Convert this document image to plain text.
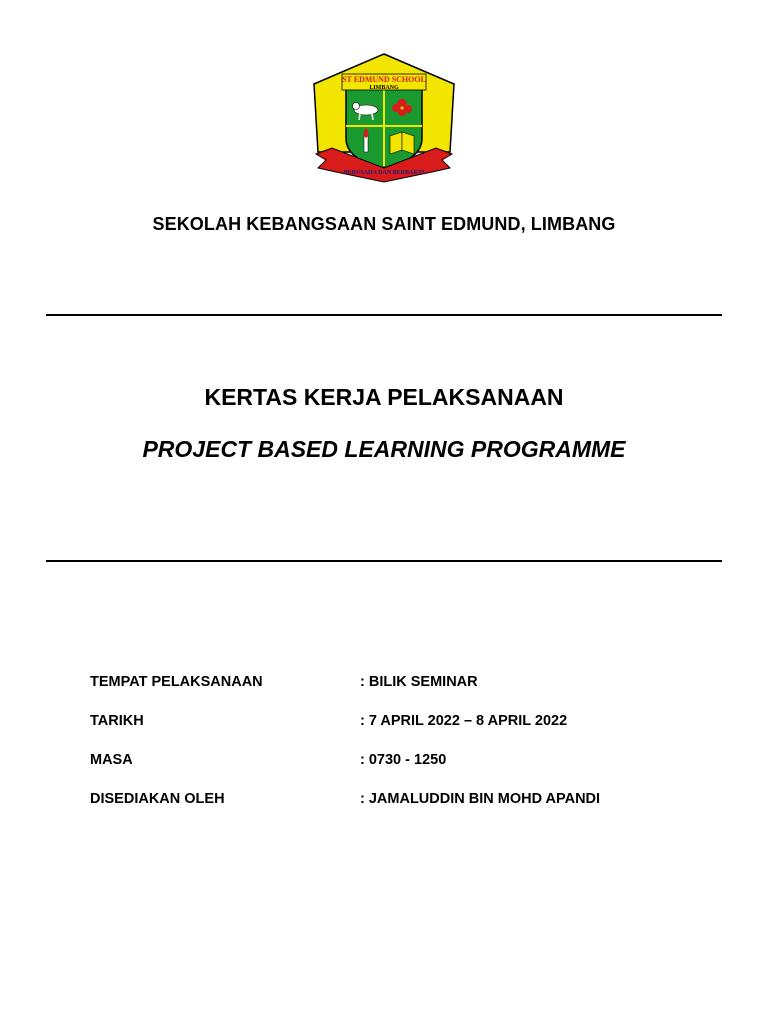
ST EDMUND SCHOOL
LIMBANG
BERUSAHA DAN BERBAKTI
SEKOLAH KEBANGSAAN SAINT EDMUND, LIMBANG
KERTAS KERJA PELAKSANAAN
PROJECT BASED LEARNING PROGRAMME
TEMPAT PELAKSANAAN	: BILIK SEMINAR
TARIKH	: 7 APRIL 2022 – 8 APRIL 2022
MASA	: 0730 - 1250
DISEDIAKAN OLEH	: JAMALUDDIN BIN MOHD APANDI
